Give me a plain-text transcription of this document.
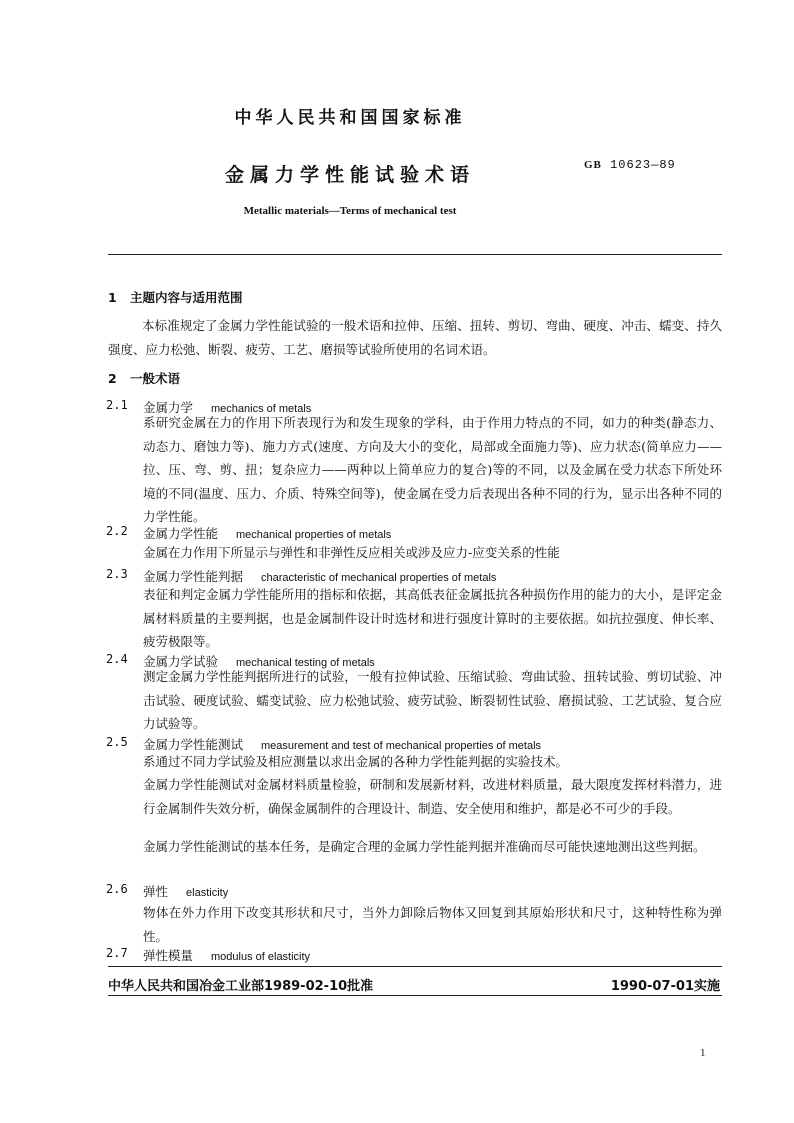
中华人民共和国国家标准
金属力学性能试验术语	GB 10623—89
Metallic materials—Terms of mechanical test
1 主题内容与适用范围
本标准规定了金属力学性能试验的一般术语和拉伸、压缩、扭转、剪切、弯曲、硬度、冲击、蠕变、持久强度、应力松弛、断裂、疲劳、工艺、磨损等试验所使用的名词术语。
2 一般术语
2.1 金属力学 mechanics of metals
系研究金属在力的作用下所表现行为和发生现象的学科，由于作用力特点的不同，如力的种类(静态力、动态力、磨蚀力等)、施力方式(速度、方向及大小的变化，局部或全面施力等)、应力状态(简单应力——拉、压、弯、剪、扭；复杂应力——两种以上简单应力的复合)等的不同，以及金属在受力状态下所处环境的不同(温度、压力、介质、特殊空间等)，使金属在受力后表现出各种不同的行为，显示出各种不同的力学性能。
2.2 金属力学性能 mechanical properties of metals
金属在力作用下所显示与弹性和非弹性反应相关或涉及应力-应变关系的性能
2.3 金属力学性能判据 characteristic of mechanical properties of metals
表征和判定金属力学性能所用的指标和依据，其高低表征金属抵抗各种损伤作用的能力的大小，是评定金属材料质量的主要判据，也是金属制件设计时选材和进行强度计算时的主要依据。如抗拉强度、伸长率、疲劳极限等。
2.4 金属力学试验 mechanical testing of metals
测定金属力学性能判据所进行的试验，一般有拉伸试验、压缩试验、弯曲试验、扭转试验、剪切试验、冲击试验、硬度试验、蠕变试验、应力松弛试验、疲劳试验、断裂韧性试验、磨损试验、工艺试验、复合应力试验等。
2.5 金属力学性能测试 measurement and test of mechanical properties of metals
系通过不同力学试验及相应测量以求出金属的各种力学性能判据的实验技术。
金属力学性能测试对金属材料质量检验，研制和发展新材料，改进材料质量，最大限度发挥材料潜力，进行金属制件失效分析，确保金属制件的合理设计、制造、安全使用和维护，都是必不可少的手段。
金属力学性能测试的基本任务，是确定合理的金属力学性能判据并准确而尽可能快速地测出这些判据。
2.6 弹性 elasticity
物体在外力作用下改变其形状和尺寸，当外力卸除后物体又回复到其原始形状和尺寸，这种特性称为弹性。
2.7 弹性模量 modulus of elasticity
中华人民共和国冶金工业部1989-02-10批准	1990-07-01实施
1
